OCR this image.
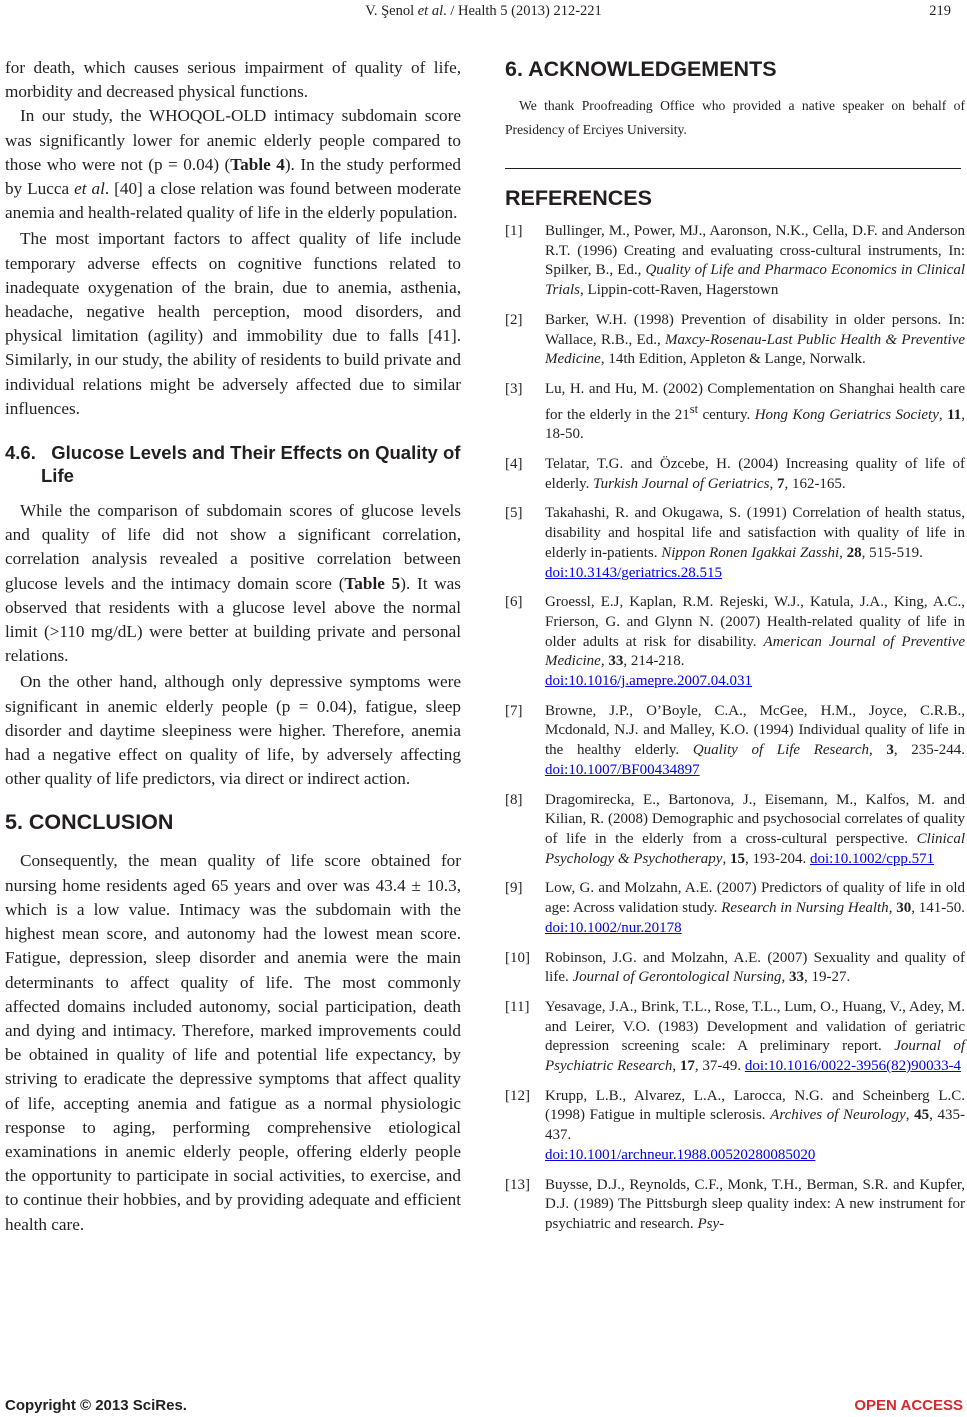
V. Şenol et al. / Health 5 (2013) 212-221	219

for death, which causes serious impairment of quality of life, morbidity and decreased physical functions.

In our study, the WHOQOL-OLD intimacy subdomain score was significantly lower for anemic elderly people compared to those who were not (p = 0.04) (Table 4). In the study performed by Lucca et al. [40] a close relation was found between moderate anemia and health-related quality of life in the elderly population.

The most important factors to affect quality of life include temporary adverse effects on cognitive functions related to inadequate oxygenation of the brain, due to anemia, asthenia, headache, negative health perception, mood disorders, and physical limitation (agility) and immobility due to falls [41]. Similarly, in our study, the ability of residents to build private and individual relations might be adversely affected due to similar influences.

4.6. Glucose Levels and Their Effects on Quality of Life

While the comparison of subdomain scores of glucose levels and quality of life did not show a significant correlation, correlation analysis revealed a positive correlation between glucose levels and the intimacy domain score (Table 5). It was observed that residents with a glucose level above the normal limit (>110 mg/dL) were better at building private and personal relations.

On the other hand, although only depressive symptoms were significant in anemic elderly people (p = 0.04), fatigue, sleep disorder and daytime sleepiness were higher. Therefore, anemia had a negative effect on quality of life, by adversely affecting other quality of life predictors, via direct or indirect action.

5. CONCLUSION

Consequently, the mean quality of life score obtained for nursing home residents aged 65 years and over was 43.4 ± 10.3, which is a low value. Intimacy was the subdomain with the highest mean score, and autonomy had the lowest mean score. Fatigue, depression, sleep disorder and anemia were the main determinants to affect quality of life. The most commonly affected domains included autonomy, social participation, death and dying and intimacy. Therefore, marked improvements could be obtained in quality of life and potential life expectancy, by striving to eradicate the depressive symptoms that affect quality of life, accepting anemia and fatigue as a normal physiologic response to aging, performing comprehensive etiological examinations in anemic elderly people, offering elderly people the opportunity to participate in social activities, to exercise, and to continue their hobbies, and by providing adequate and efficient health care.

6. ACKNOWLEDGEMENTS

We thank Proofreading Office who provided a native speaker on behalf of Presidency of Erciyes University.

REFERENCES
[1] Bullinger, M., Power, MJ., Aaronson, N.K., Cella, D.F. and Anderson R.T. (1996) Creating and evaluating cross-cultural instruments, In: Spilker, B., Ed., Quality of Life and Pharmaco Economics in Clinical Trials, Lippin-cott-Raven, Hagerstown
[2] Barker, W.H. (1998) Prevention of disability in older persons. In: Wallace, R.B., Ed., Maxcy-Rosenau-Last Public Health & Preventive Medicine, 14th Edition, Appleton & Lange, Norwalk.
[3] Lu, H. and Hu, M. (2002) Complementation on Shanghai health care for the elderly in the 21st century. Hong Kong Geriatrics Society, 11, 18-50.
[4] Telatar, T.G. and Özcebe, H. (2004) Increasing quality of life of elderly. Turkish Journal of Geriatrics, 7, 162-165.
[5] Takahashi, R. and Okugawa, S. (1991) Correlation of health status, disability and hospital life and satisfaction with quality of life in elderly in-patients. Nippon Ronen Igakkai Zasshi, 28, 515-519.
doi:10.3143/geriatrics.28.515
[6] Groessl, E.J, Kaplan, R.M. Rejeski, W.J., Katula, J.A., King, A.C., Frierson, G. and Glynn N. (2007) Health-related quality of life in older adults at risk for disability. American Journal of Preventive Medicine, 33, 214-218.
doi:10.1016/j.amepre.2007.04.031
[7] Browne, J.P., O’Boyle, C.A., McGee, H.M., Joyce, C.R.B., Mcdonald, N.J. and Malley, K.O. (1994) Individual quality of life in the healthy elderly. Quality of Life Research, 3, 235-244. doi:10.1007/BF00434897
[8] Dragomirecka, E., Bartonova, J., Eisemann, M., Kalfos, M. and Kilian, R. (2008) Demographic and psychosocial correlates of quality of life in the elderly from a cross-cultural perspective. Clinical Psychology & Psychotherapy, 15, 193-204. doi:10.1002/cpp.571
[9] Low, G. and Molzahn, A.E. (2007) Predictors of quality of life in old age: Across validation study. Research in Nursing Health, 30, 141-50. doi:10.1002/nur.20178
[10] Robinson, J.G. and Molzahn, A.E. (2007) Sexuality and quality of life. Journal of Gerontological Nursing, 33, 19-27.
[11] Yesavage, J.A., Brink, T.L., Rose, T.L., Lum, O., Huang, V., Adey, M. and Leirer, V.O. (1983) Development and validation of geriatric depression screening scale: A preliminary report. Journal of Psychiatric Research, 17, 37-49. doi:10.1016/0022-3956(82)90033-4
[12] Krupp, L.B., Alvarez, L.A., Larocca, N.G. and Scheinberg L.C. (1998) Fatigue in multiple sclerosis. Archives of Neurology, 45, 435-437.
doi:10.1001/archneur.1988.00520280085020
[13] Buysse, D.J., Reynolds, C.F., Monk, T.H., Berman, S.R. and Kupfer, D.J. (1989) The Pittsburgh sleep quality index: A new instrument for psychiatric and research. Psy-
Copyright © 2013 SciRes.	OPEN ACCESS
